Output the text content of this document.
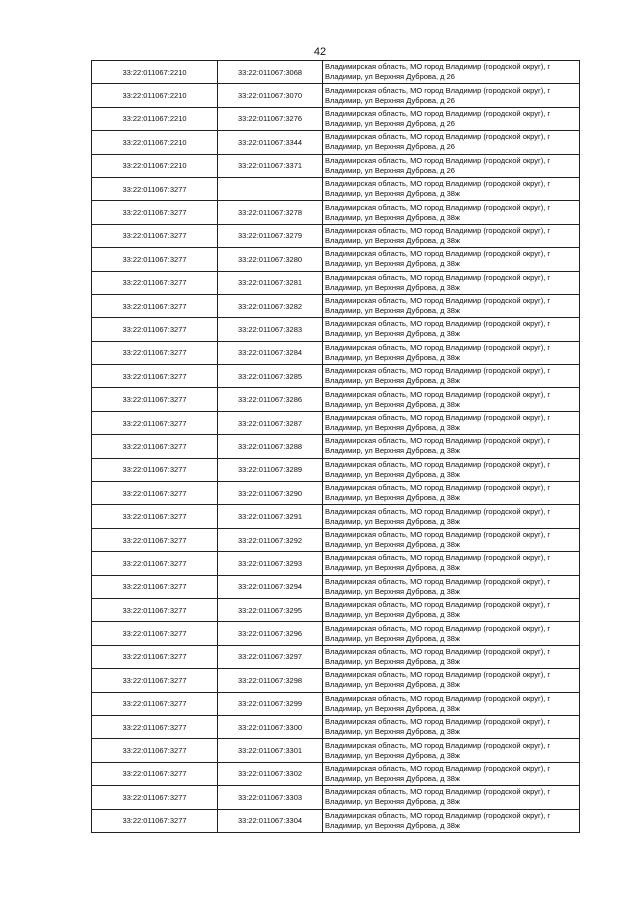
42
33:22:011067:2210	33:22:011067:3068	Владимирская область, МО город Владимир (городской округ), г Владимир, ул Верхняя Дуброва, д 26
33:22:011067:2210	33:22:011067:3070	Владимирская область, МО город Владимир (городской округ), г Владимир, ул Верхняя Дуброва, д 26
33:22:011067:2210	33:22:011067:3276	Владимирская область, МО город Владимир (городской округ), г Владимир, ул Верхняя Дуброва, д 26
33:22:011067:2210	33:22:011067:3344	Владимирская область, МО город Владимир (городской округ), г Владимир, ул Верхняя Дуброва, д 26
33:22:011067:2210	33:22:011067:3371	Владимирская область, МО город Владимир (городской округ), г Владимир, ул Верхняя Дуброва, д 26
33:22:011067:3277		Владимирская область, МО город Владимир (городской округ), г Владимир, ул Верхняя Дуброва, д 38ж
33:22:011067:3277	33:22:011067:3278	Владимирская область, МО город Владимир (городской округ), г Владимир, ул Верхняя Дуброва, д 38ж
33:22:011067:3277	33:22:011067:3279	Владимирская область, МО город Владимир (городской округ), г Владимир, ул Верхняя Дуброва, д 38ж
33:22:011067:3277	33:22:011067:3280	Владимирская область, МО город Владимир (городской округ), г Владимир, ул Верхняя Дуброва, д 38ж
33:22:011067:3277	33:22:011067:3281	Владимирская область, МО город Владимир (городской округ), г Владимир, ул Верхняя Дуброва, д 38ж
33:22:011067:3277	33:22:011067:3282	Владимирская область, МО город Владимир (городской округ), г Владимир, ул Верхняя Дуброва, д 38ж
33:22:011067:3277	33:22:011067:3283	Владимирская область, МО город Владимир (городской округ), г Владимир, ул Верхняя Дуброва, д 38ж
33:22:011067:3277	33:22:011067:3284	Владимирская область, МО город Владимир (городской округ), г Владимир, ул Верхняя Дуброва, д 38ж
33:22:011067:3277	33:22:011067:3285	Владимирская область, МО город Владимир (городской округ), г Владимир, ул Верхняя Дуброва, д 38ж
33:22:011067:3277	33:22:011067:3286	Владимирская область, МО город Владимир (городской округ), г Владимир, ул Верхняя Дуброва, д 38ж
33:22:011067:3277	33:22:011067:3287	Владимирская область, МО город Владимир (городской округ), г Владимир, ул Верхняя Дуброва, д 38ж
33:22:011067:3277	33:22:011067:3288	Владимирская область, МО город Владимир (городской округ), г Владимир, ул Верхняя Дуброва, д 38ж
33:22:011067:3277	33:22:011067:3289	Владимирская область, МО город Владимир (городской округ), г Владимир, ул Верхняя Дуброва, д 38ж
33:22:011067:3277	33:22:011067:3290	Владимирская область, МО город Владимир (городской округ), г Владимир, ул Верхняя Дуброва, д 38ж
33:22:011067:3277	33:22:011067:3291	Владимирская область, МО город Владимир (городской округ), г Владимир, ул Верхняя Дуброва, д 38ж
33:22:011067:3277	33:22:011067:3292	Владимирская область, МО город Владимир (городской округ), г Владимир, ул Верхняя Дуброва, д 38ж
33:22:011067:3277	33:22:011067:3293	Владимирская область, МО город Владимир (городской округ), г Владимир, ул Верхняя Дуброва, д 38ж
33:22:011067:3277	33:22:011067:3294	Владимирская область, МО город Владимир (городской округ), г Владимир, ул Верхняя Дуброва, д 38ж
33:22:011067:3277	33:22:011067:3295	Владимирская область, МО город Владимир (городской округ), г Владимир, ул Верхняя Дуброва, д 38ж
33:22:011067:3277	33:22:011067:3296	Владимирская область, МО город Владимир (городской округ), г Владимир, ул Верхняя Дуброва, д 38ж
33:22:011067:3277	33:22:011067:3297	Владимирская область, МО город Владимир (городской округ), г Владимир, ул Верхняя Дуброва, д 38ж
33:22:011067:3277	33:22:011067:3298	Владимирская область, МО город Владимир (городской округ), г Владимир, ул Верхняя Дуброва, д 38ж
33:22:011067:3277	33:22:011067:3299	Владимирская область, МО город Владимир (городской округ), г Владимир, ул Верхняя Дуброва, д 38ж
33:22:011067:3277	33:22:011067:3300	Владимирская область, МО город Владимир (городской округ), г Владимир, ул Верхняя Дуброва, д 38ж
33:22:011067:3277	33:22:011067:3301	Владимирская область, МО город Владимир (городской округ), г Владимир, ул Верхняя Дуброва, д 38ж
33:22:011067:3277	33:22:011067:3302	Владимирская область, МО город Владимир (городской округ), г Владимир, ул Верхняя Дуброва, д 38ж
33:22:011067:3277	33:22:011067:3303	Владимирская область, МО город Владимир (городской округ), г Владимир, ул Верхняя Дуброва, д 38ж
33:22:011067:3277	33:22:011067:3304	Владимирская область, МО город Владимир (городской округ), г Владимир, ул Верхняя Дуброва, д 38ж
